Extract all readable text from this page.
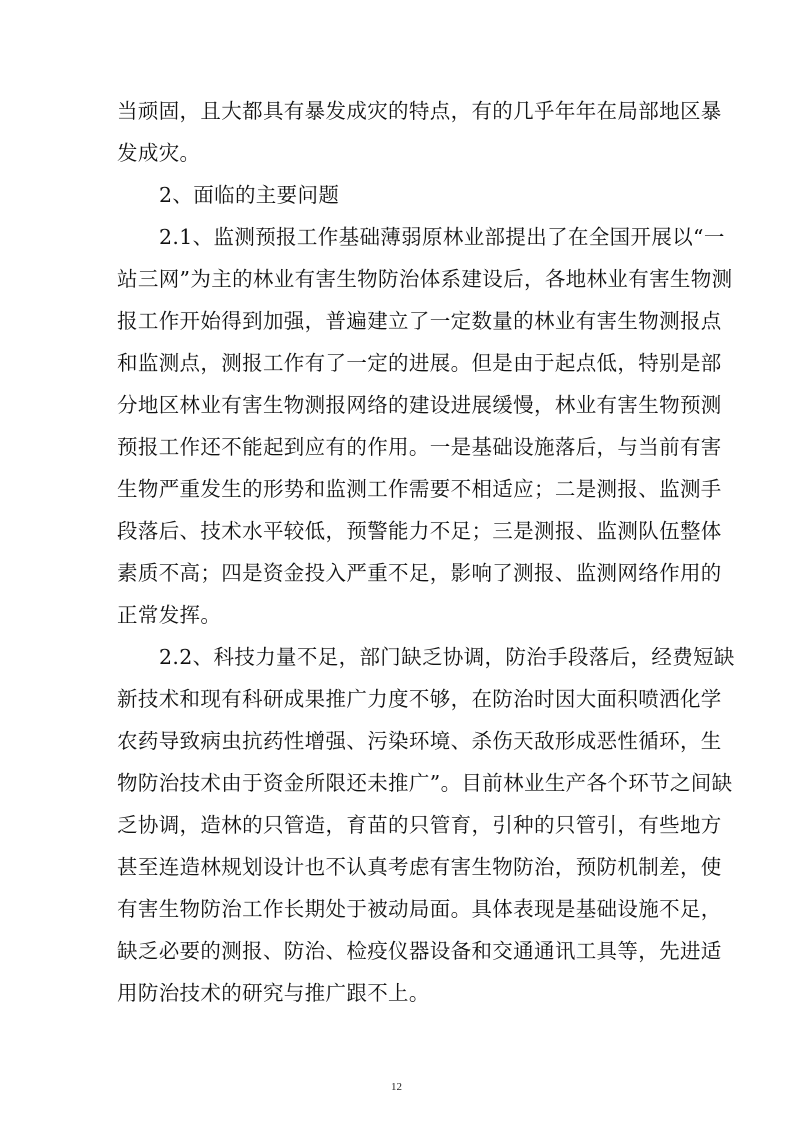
当顽固，且大都具有暴发成灾的特点，有的几乎年年在局部地区暴
发成灾。
2、面临的主要问题
2.1、监测预报工作基础薄弱原林业部提出了在全国开展以“一
站三网”为主的林业有害生物防治体系建设后，各地林业有害生物测
报工作开始得到加强，普遍建立了一定数量的林业有害生物测报点
和监测点，测报工作有了一定的进展。但是由于起点低，特别是部
分地区林业有害生物测报网络的建设进展缓慢，林业有害生物预测
预报工作还不能起到应有的作用。一是基础设施落后，与当前有害
生物严重发生的形势和监测工作需要不相适应；二是测报、监测手
段落后、技术水平较低，预警能力不足；三是测报、监测队伍整体
素质不高；四是资金投入严重不足，影响了测报、监测网络作用的
正常发挥。
2.2、科技力量不足，部门缺乏协调，防治手段落后，经费短缺
新技术和现有科研成果推广力度不够，在防治时因大面积喷洒化学
农药导致病虫抗药性增强、污染环境、杀伤天敌形成恶性循环，生
物防治技术由于资金所限还未推广”。目前林业生产各个环节之间缺
乏协调，造林的只管造，育苗的只管育，引种的只管引，有些地方
甚至连造林规划设计也不认真考虑有害生物防治，预防机制差，使
有害生物防治工作长期处于被动局面。具体表现是基础设施不足，
缺乏必要的测报、防治、检疫仪器设备和交通通讯工具等，先进适
用防治技术的研究与推广跟不上。
12
